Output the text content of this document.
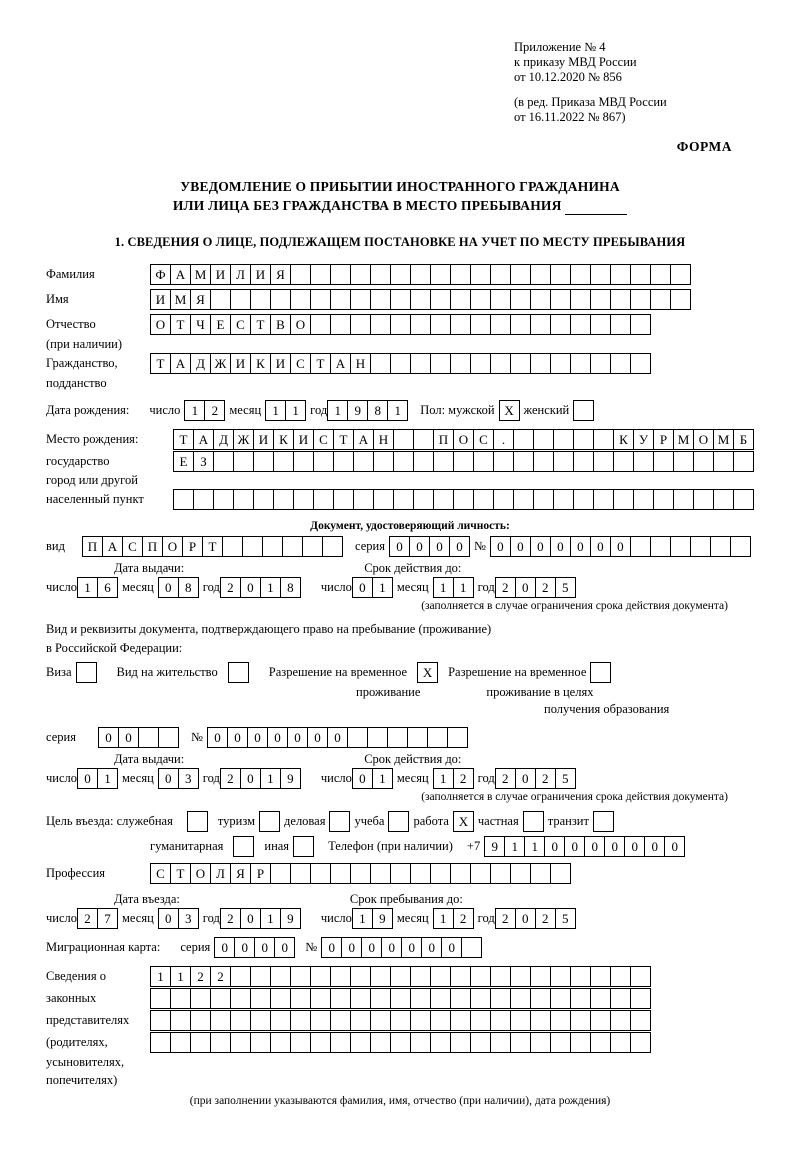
Приложение № 4
к приказу МВД России
от 10.12.2020 № 856
(в ред. Приказа МВД России
от 16.11.2022 № 867)
ФОРМА
УВЕДОМЛЕНИЕ О ПРИБЫТИИ ИНОСТРАННОГО ГРАЖДАНИНА
ИЛИ ЛИЦА БЕЗ ГРАЖДАНСТВА В МЕСТО ПРЕБЫВАНИЯ
1. СВЕДЕНИЯ О ЛИЦЕ, ПОДЛЕЖАЩЕМ ПОСТАНОВКЕ НА УЧЕТ ПО МЕСТУ ПРЕБЫВАНИЯ
Фамилия	Ф А М И Л И Я
Имя	И М Я
Отчество	О Т Ч Е С Т В О
(при наличии)
Гражданство,	Т А Д Ж И К И С Т А Н
подданство
Дата рождения: число 1	2 месяц 1	1 год 1	9	8	1	Пол: мужской Х женский
Место рождения:	Т А Д Ж И К И С Т А Н	П О С	.	К У Р М О М Б
государство	Е З
город или другой
населенный пункт
Документ, удостоверяющий личность:
вид	П А С П О Р Т	серия 0	0	0	0 № 0	0	0	0	0	0	0
Дата выдачи:	Срок действия до:
число 1	6 месяц 0	8 год 2	0	1	8	число 0	1 месяц 1	1 год 2	0	2	5
(заполняется в случае ограничения срока действия документа)
Вид и реквизиты документа, подтверждающего право на пребывание (проживание)
в Российской Федерации:
Виза	Вид на жительство	Разрешение на временное	Х	Разрешение на временное
проживание	проживание в целях
получения образования
серия	0	0	№ 0	0	0	0	0	0	0
Дата выдачи:	Срок действия до:
число 0	1 месяц 0	3 год 2	0	1	9	число 0	1 месяц 1	2 год 2	0	2	5
(заполняется в случае ограничения срока действия документа)
Цель въезда: служебная	туризм деловая учеба работа Х частная транзит
гуманитарная	иная	Телефон (при наличии) +7 9	1	1	0	0	0	0	0	0	0
Профессия	С Т О Л Я Р
Дата въезда:	Срок пребывания до:
число 2	7 месяц 0	3 год 2	0	1	9	число 1	9 месяц 1	2 год 2	0	2	5
Миграционная карта: серия 0	0	0	0	№ 0	0	0	0	0	0	0
Сведения о	1	1	2	2
законных
представителях
(родителях,
усыновителях,
попечителях)
(при заполнении указываются фамилия, имя, отчество (при наличии), дата рождения)
